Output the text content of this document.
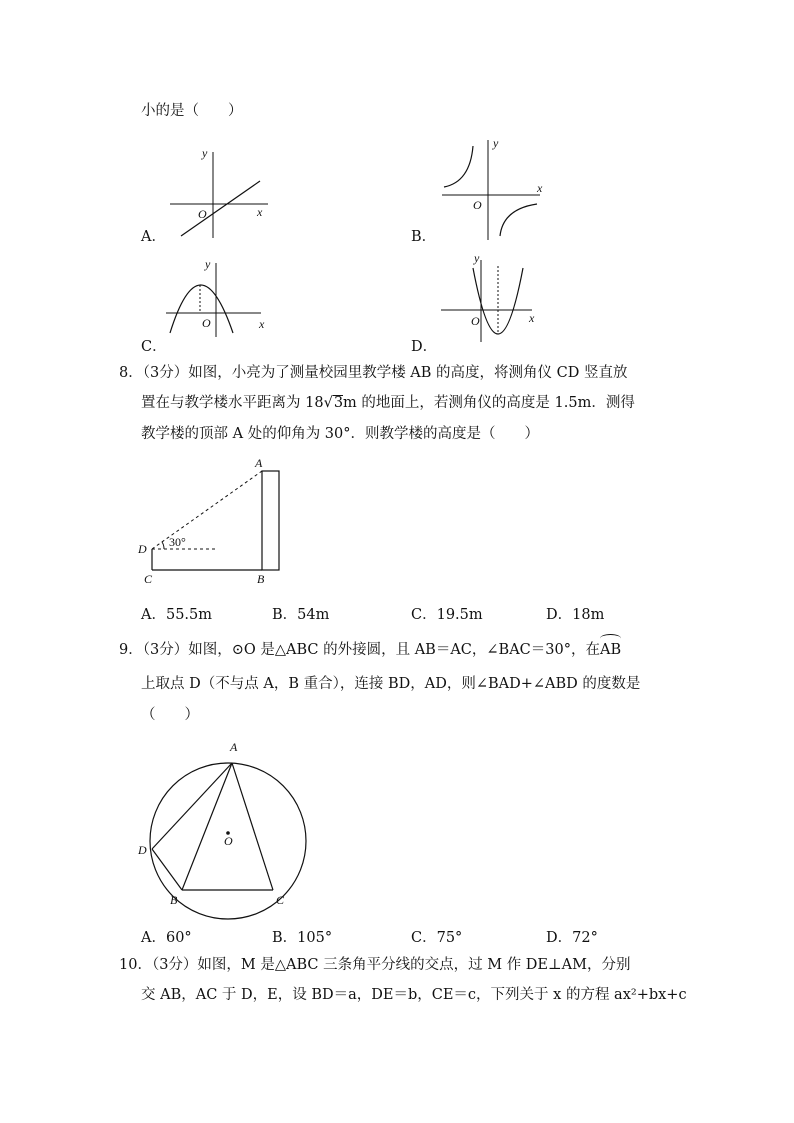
小的是（　　）
y
x
O
A．
y
x
O
B．
y
x
O
C．
y
x
O
D．
8．（3分）如图，小亮为了测量校园里教学楼 AB 的高度，将测角仪 CD 竖直放
置在与教学楼水平距离为 18√3m 的地面上，若测角仪的高度是 1.5m．测得
教学楼的顶部 A 处的仰角为 30°．则教学楼的高度是（　　）
A
B
C
D 30°
A．55.5m	B．54m	C．19.5m	D．18m
9．（3分）如图，⊙O 是△ABC 的外接圆，且 AB＝AC，∠BAC＝30°，在AB
上取点 D（不与点 A，B 重合），连接 BD，AD，则∠BAD+∠ABD 的度数是
（　　）
A
B	C
D
O
A．60°	B．105°	C．75°	D．72°
10．（3分）如图，M 是△ABC 三条角平分线的交点，过 M 作 DE⊥AM，分别
交 AB，AC 于 D，E，设 BD＝a，DE＝b，CE＝c，下列关于 x 的方程 ax²+bx+c
